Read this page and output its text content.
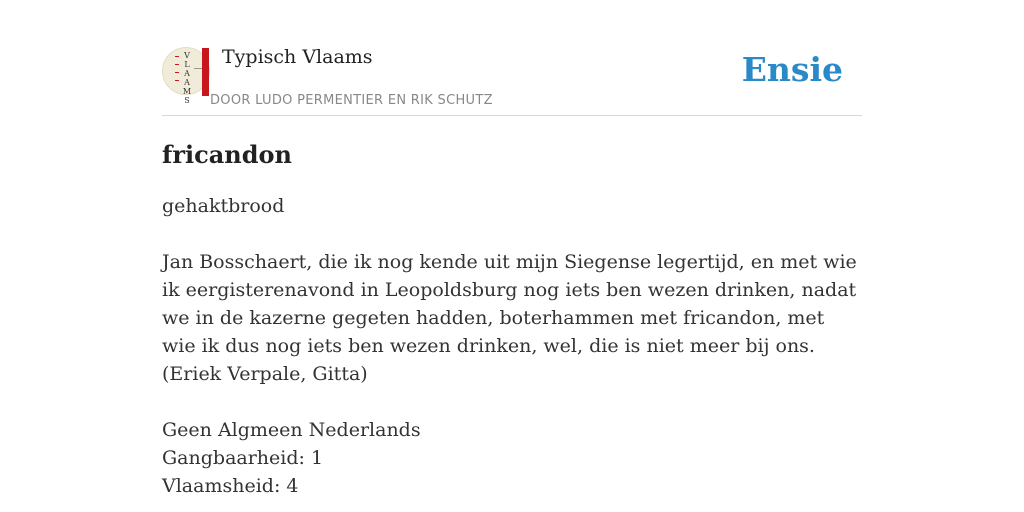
V
L
A
A
M
S
Typisch Vlaams
DOOR LUDO PERMENTIER EN RIK SCHUTZ
Ensie
fricandon

gehaktbrood

Jan Bosschaert, die ik nog kende uit mijn Siegense legertijd, en met wie ik eergisterenavond in Leopoldsburg nog iets ben wezen drinken, nadat we in de kazerne gegeten hadden, boterhammen met fricandon, met wie ik dus nog iets ben wezen drinken, wel, die is niet meer bij ons.

(Eriek Verpale, Gitta)

Geen Algmeen Nederlands

Gangbaarheid: 1

Vlaamsheid: 4
